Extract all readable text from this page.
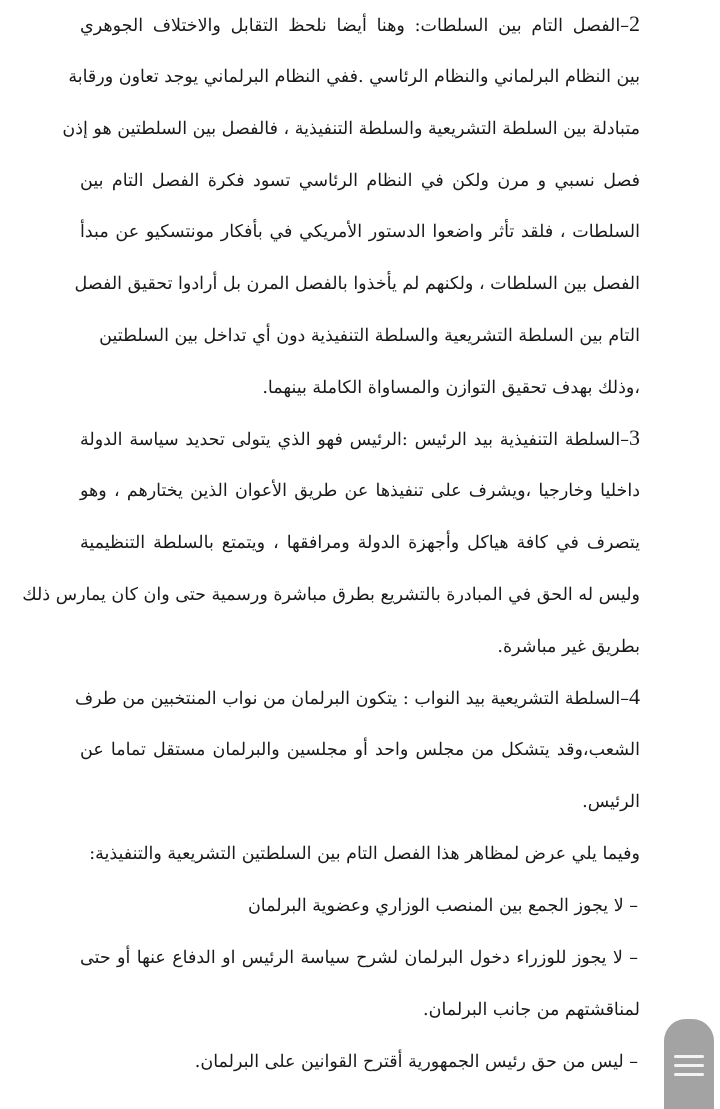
2–الفصل التام بين السلطات: وهنا أيضا نلحظ التقابل والاختلاف الجوهري
بين النظام البرلماني والنظام الرئاسي .ففي النظام البرلماني يوجد تعاون ورقابة
متبادلة بين السلطة التشريعية والسلطة التنفيذية ، فالفصل بين السلطتين هو إذن
فصل نسبي و مرن ولكن في النظام الرئاسي تسود فكرة الفصل التام بين
السلطات ، فلقد تأثر واضعوا الدستور الأمريكي في بأفكار مونتسكيو عن مبدأ
الفصل بين السلطات ، ولكنهم لم يأخذوا بالفصل المرن بل أرادوا تحقيق الفصل
التام بين السلطة التشريعية والسلطة التنفيذية دون أي تداخل بين السلطتين
،وذلك بهدف تحقيق التوازن والمساواة الكاملة بينهما.
3–السلطة التنفيذية بيد الرئيس :الرئيس فهو الذي يتولى تحديد سياسة الدولة
داخليا وخارجيا ،ويشرف على تنفيذها عن طريق الأعوان الذين يختارهم ، وهو
يتصرف في كافة هياكل وأجهزة الدولة ومرافقها ، ويتمتع بالسلطة التنظيمية
وليس له الحق في المبادرة بالتشريع بطرق مباشرة ورسمية حتى وان كان يمارس ذلك
بطريق غير مباشرة.
4–السلطة التشريعية بيد النواب : يتكون البرلمان من نواب المنتخبين من طرف
الشعب،وقد يتشكل من مجلس واحد أو مجلسين والبرلمان مستقل تماما عن
الرئيس.
وفيما يلي عرض لمظاهر هذا الفصل التام بين السلطتين التشريعية والتنفيذية:
– لا يجوز الجمع بين المنصب الوزاري وعضوية البرلمان
– لا يجوز للوزراء دخول البرلمان لشرح سياسة الرئيس او الدفاع عنها أو حتى
لمناقشتهم من جانب البرلمان.
– ليس من حق رئيس الجمهورية أقترح القوانين على البرلمان.
